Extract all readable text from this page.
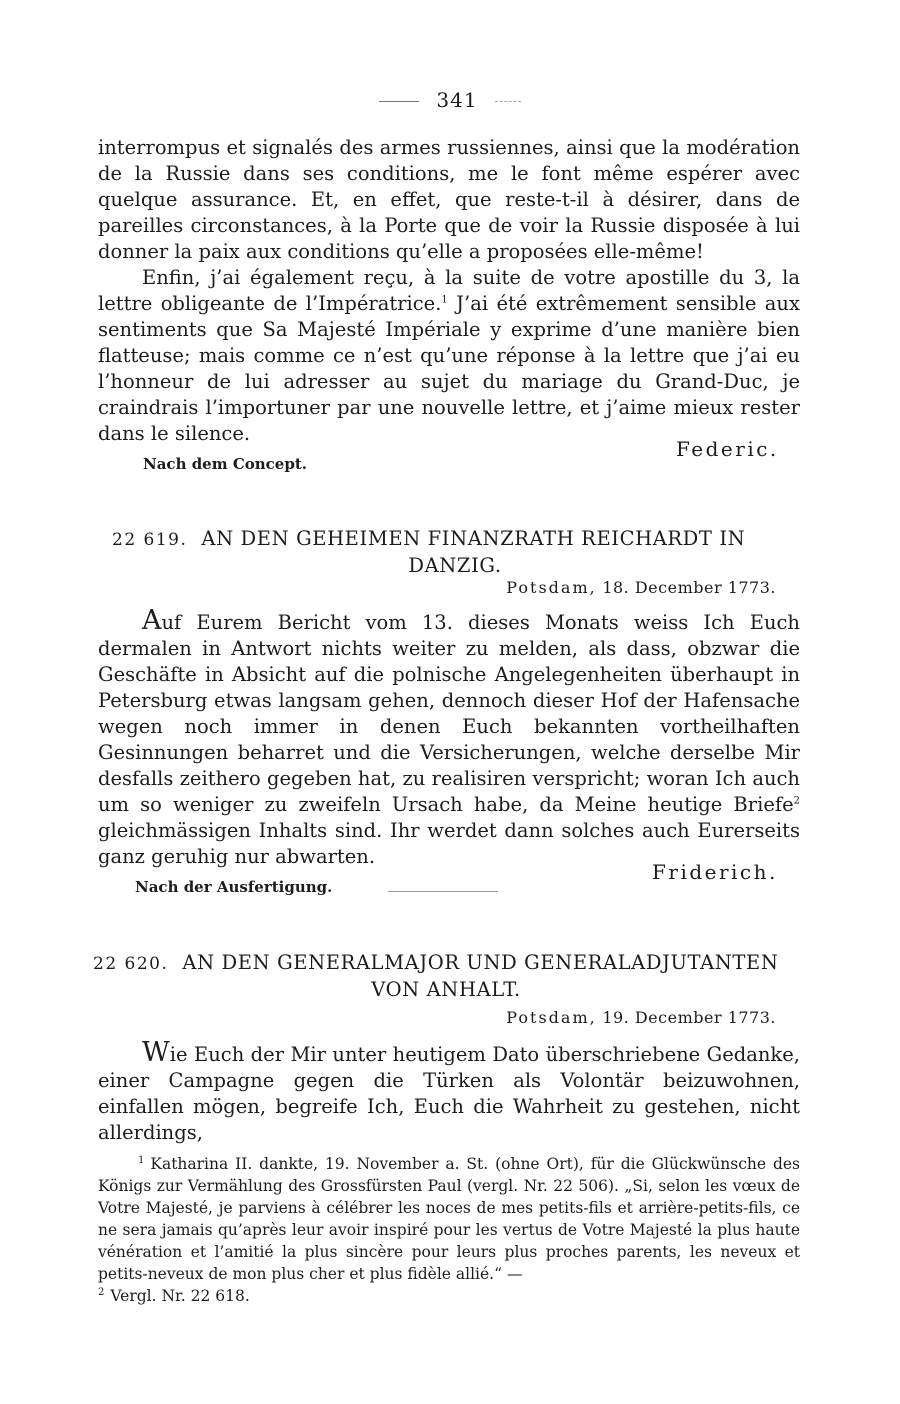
341

interrompus et signalés des armes russiennes, ainsi que la modération de la Russie dans ses conditions, me le font même espérer avec quelque assurance. Et, en effet, que reste-t-il à désirer, dans de pareilles circonstances, à la Porte que de voir la Russie disposée à lui donner la paix aux conditions qu’elle a proposées elle-même!

Enfin, j’ai également reçu, à la suite de votre apostille du 3, la lettre obligeante de l’Impératrice.$^1$ J’ai été extrêmement sensible aux sentiments que Sa Majesté Impériale y exprime d’une manière bien flatteuse; mais comme ce n’est qu’une réponse à la lettre que j’ai eu l’honneur de lui adresser au sujet du mariage du Grand-Duc, je craindrais l’importuner par une nouvelle lettre, et j’aime mieux rester dans le silence.

Federic.
Nach dem Concept.
22 619. AN DEN GEHEIMEN FINANZRATH REICHARDT IN
DANZIG.
Potsdam, 18. December 1773.

Auf Eurem Bericht vom 13. dieses Monats weiss Ich Euch dermalen in Antwort nichts weiter zu melden, als dass, obzwar die Geschäfte in Absicht auf die polnische Angelegenheiten überhaupt in Petersburg etwas langsam gehen, dennoch dieser Hof der Hafensache wegen noch immer in denen Euch bekannten vortheilhaften Gesinnungen beharret und die Versicherungen, welche derselbe Mir desfalls zeithero gegeben hat, zu realisiren verspricht; woran Ich auch um so weniger zu zweifeln Ursach habe, da Meine heutige Briefe$^2$ gleichmässigen Inhalts sind. Ihr werdet dann solches auch Eurerseits ganz geruhig nur abwarten.

Friderich.
Nach der Ausfertigung.
22 620. AN DEN GENERALMAJOR UND GENERALADJUTANTEN
VON ANHALT.
Potsdam, 19. December 1773.

Wie Euch der Mir unter heutigem Dato überschriebene Gedanke, einer Campagne gegen die Türken als Volontär beizuwohnen, einfallen mögen, begreife Ich, Euch die Wahrheit zu gestehen, nicht allerdings,

$^1$ Katharina II. dankte, 19. November a. St. (ohne Ort), für die Glückwünsche des Königs zur Vermählung des Grossfürsten Paul (vergl. Nr. 22 506). „Si, selon les vœux de Votre Majesté, je parviens à célébrer les noces de mes petits-fils et arrière-petits-fils, ce ne sera jamais qu’après leur avoir inspiré pour les vertus de Votre Majesté la plus haute vénération et l’amitié la plus sincère pour leurs plus proches parents, les neveux et petits-neveux de mon plus cher et plus fidèle allié.“ —

$^2$ Vergl. Nr. 22 618.
